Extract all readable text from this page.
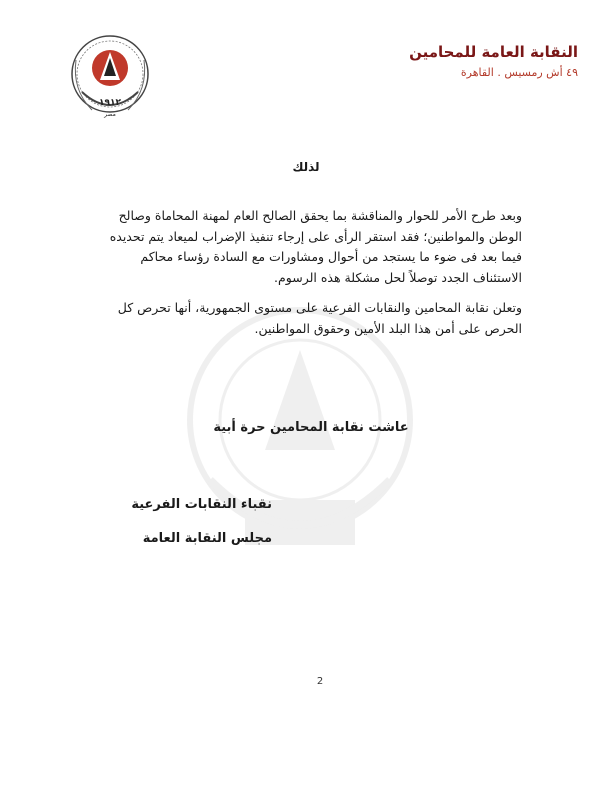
١٩١٢
مصر
النقابة العامة للمحامين
٤٩ أش رمسيس . القاهرة
لذلك

وبعد طرح الأمر للحوار والمناقشة بما يحقق الصالح العام لمهنة المحاماة وصالح الوطن والمواطنين؛ فقد استقر الرأى على إرجاء تنفيذ الإضراب لميعاد يتم تحديده فيما بعد فى ضوء ما يستجد من أحوال ومشاورات مع السادة رؤساء محاكم الاستئناف الجدد توصلاً لحل مشكلة هذه الرسوم.

وتعلن نقابة المحامين والنقابات الفرعية على مستوى الجمهورية، أنها تحرص كل الحرص على أمن هذا البلد الأمين وحقوق المواطنين.

عاشت نقابة المحامين حرة أبية
نقباء النقابات الفرعية
مجلس النقابة العامة
2
